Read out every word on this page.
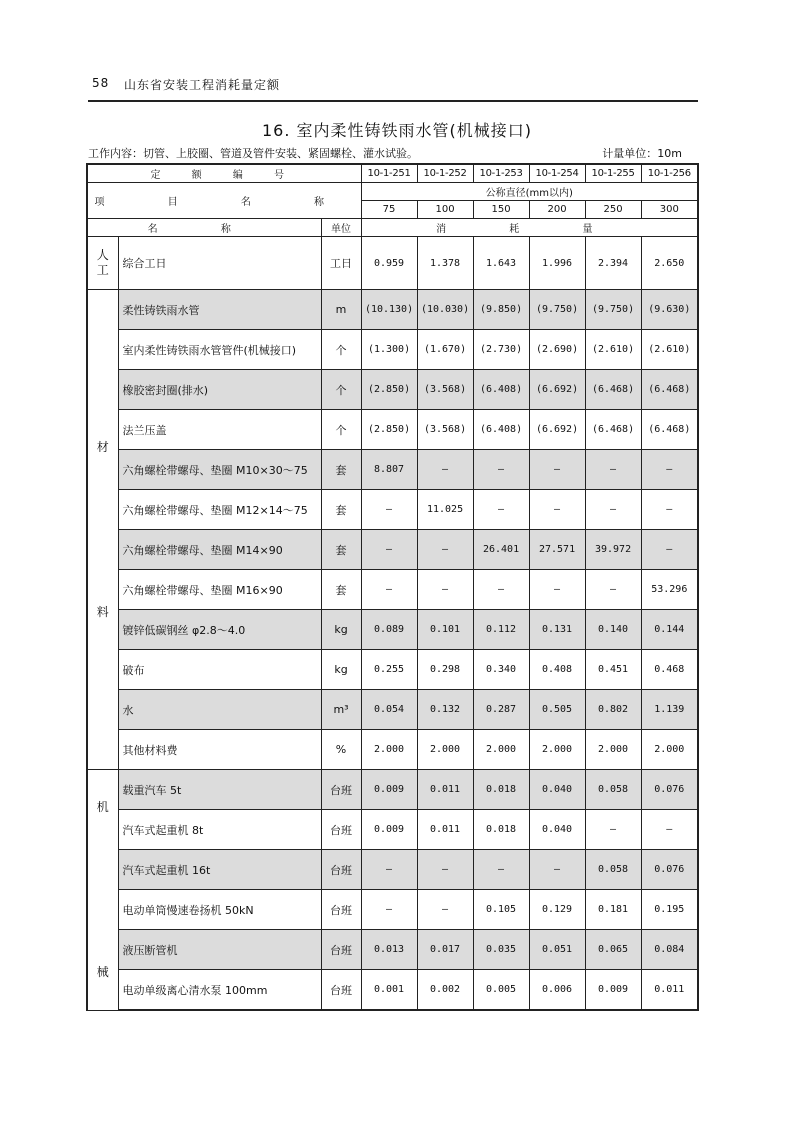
58 山东省安装工程消耗量定额
16. 室内柔性铸铁雨水管(机械接口)
工作内容：切管、上胶圈、管道及管件安装、紧固螺栓、灌水试验。	计量单位：10m
定 额 编 号			10-1-251	10-1-252	10-1-253	10-1-254	10-1-255	10-1-256
项 目 名 称			公称直径(mm以内)					
			75	100	150	200	250	300
名 称		单位	消 耗 量					
人工	综合工日	工日	0.959	1.378	1.643	1.996	2.394	2.650
材
料	柔性铸铁雨水管	m	(10.130)	(10.030)	(9.850)	(9.750)	(9.750)	(9.630)
	室内柔性铸铁雨水管管件(机械接口)	个	(1.300)	(1.670)	(2.730)	(2.690)	(2.610)	(2.610)
	橡胶密封圈(排水)	个	(2.850)	(3.568)	(6.408)	(6.692)	(6.468)	(6.468)
	法兰压盖	个	(2.850)	(3.568)	(6.408)	(6.692)	(6.468)	(6.468)
	六角螺栓带螺母、垫圈 M10×30～75	套	8.807	—	—	—	—	—
	六角螺栓带螺母、垫圈 M12×14～75	套	—	11.025	—	—	—	—
	六角螺栓带螺母、垫圈 M14×90	套	—	—	26.401	27.571	39.972	—
	六角螺栓带螺母、垫圈 M16×90	套	—	—	—	—	—	53.296
	镀锌低碳钢丝 φ2.8～4.0	kg	0.089	0.101	0.112	0.131	0.140	0.144
	破布	kg	0.255	0.298	0.340	0.408	0.451	0.468
	水	m³	0.054	0.132	0.287	0.505	0.802	1.139
	其他材料费	%	2.000	2.000	2.000	2.000	2.000	2.000
机
械	载重汽车 5t	台班	0.009	0.011	0.018	0.040	0.058	0.076
	汽车式起重机 8t	台班	0.009	0.011	0.018	0.040	—	—
	汽车式起重机 16t	台班	—	—	—	—	0.058	0.076
	电动单筒慢速卷扬机 50kN	台班	—	—	0.105	0.129	0.181	0.195
	液压断管机	台班	0.013	0.017	0.035	0.051	0.065	0.084
	电动单级离心清水泵 100mm	台班	0.001	0.002	0.005	0.006	0.009	0.011
